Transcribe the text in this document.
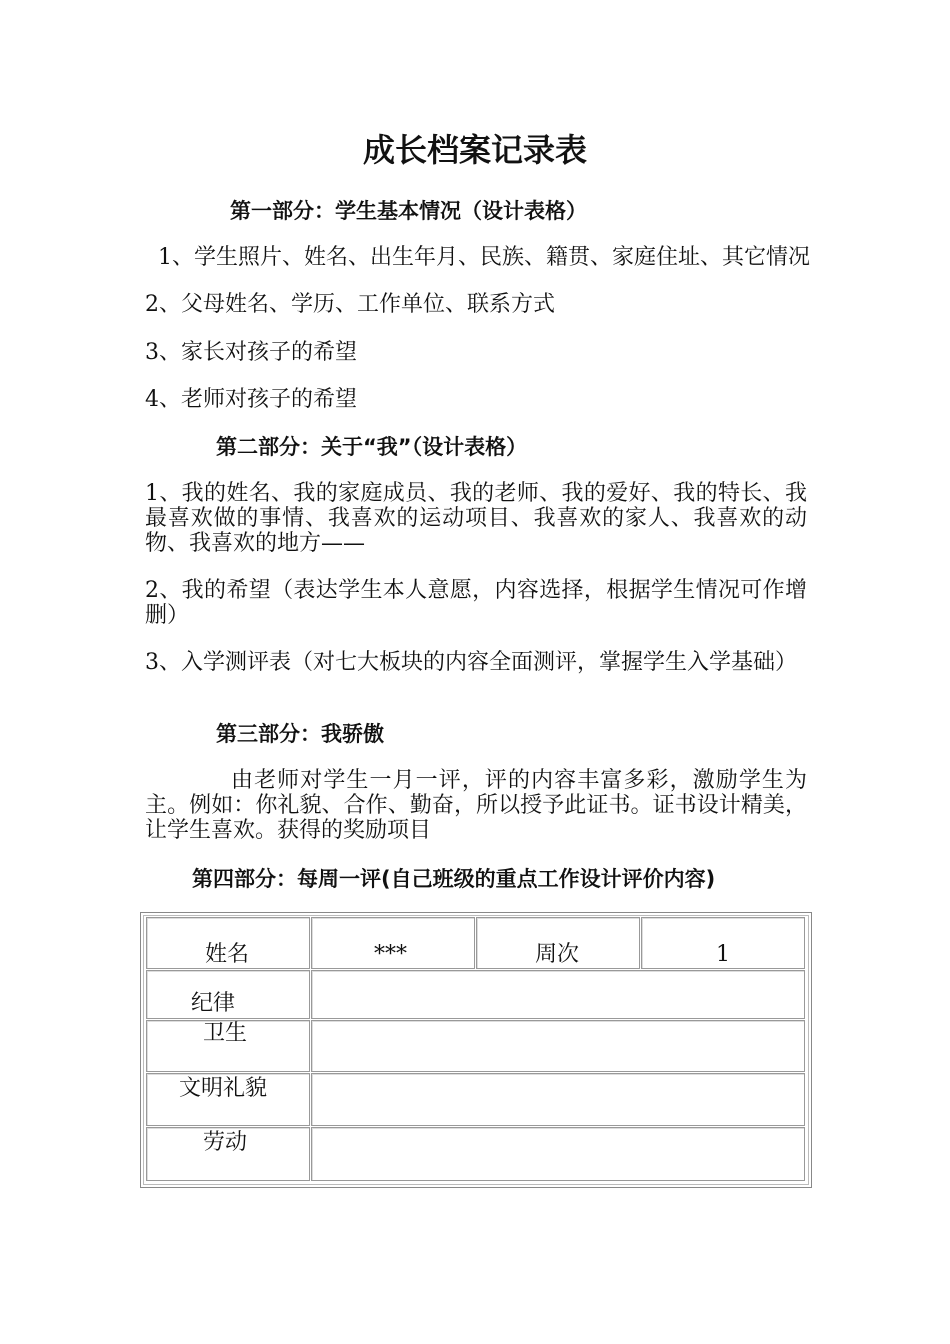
成长档案记录表
第一部分：学生基本情况（设计表格）
1、学生照片、姓名、出生年月、民族、籍贯、家庭住址、其它情况
2、父母姓名、学历、工作单位、联系方式
3、家长对孩子的希望
4、老师对孩子的希望
第二部分：关于“我”（设计表格）
1、我的姓名、我的家庭成员、我的老师、我的爱好、我的特长、我最喜欢做的事情、我喜欢的运动项目、我喜欢的家人、我喜欢的动物、我喜欢的地方——
2、我的希望（表达学生本人意愿，内容选择，根据学生情况可作增删）
3、入学测评表（对七大板块的内容全面测评，掌握学生入学基础）
第三部分：我骄傲
由老师对学生一月一评，评的内容丰富多彩，激励学生为主。例如：你礼貌、合作、勤奋，所以授予此证书。证书设计精美，让学生喜欢。获得的奖励项目
第四部分：每周一评(自己班级的重点工作设计评价内容)
姓名	***	周次	1
纪律
卫生
文明礼貌
劳动
